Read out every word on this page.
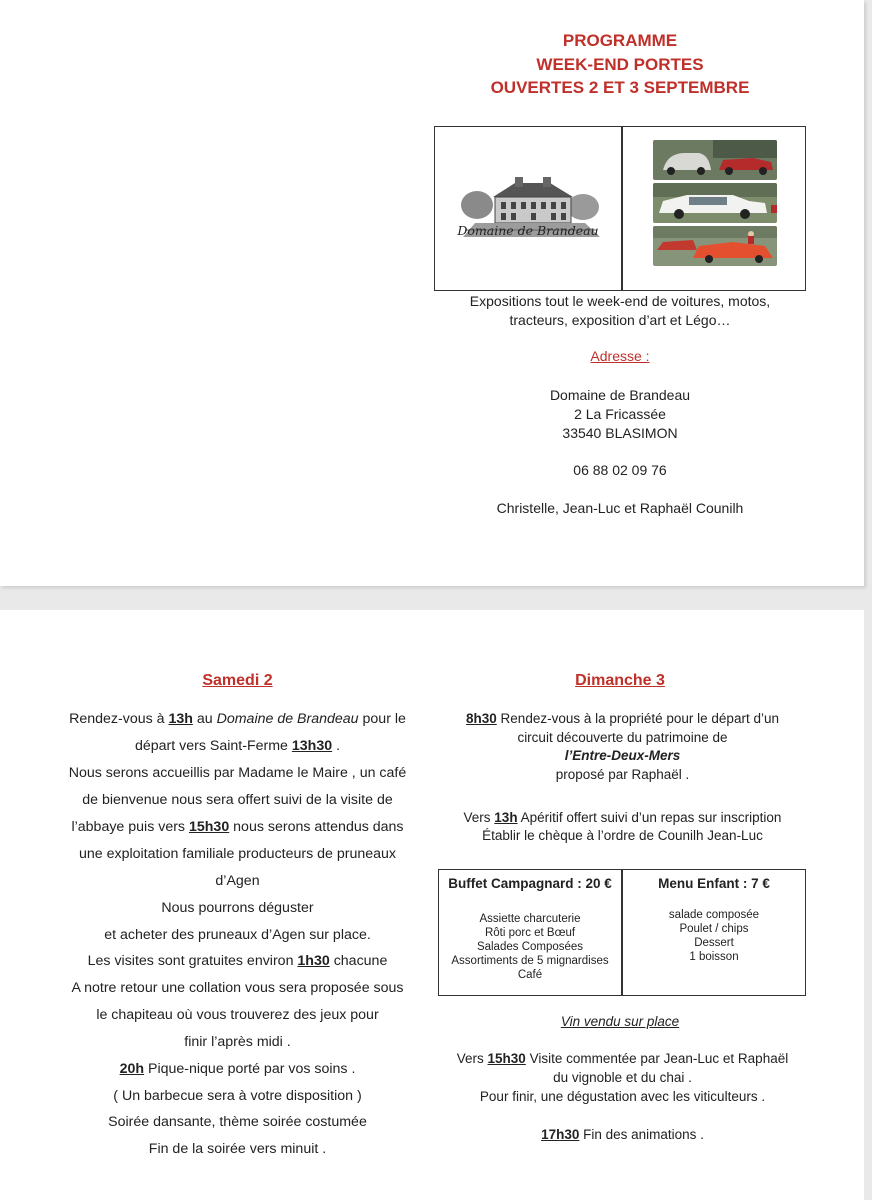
PROGRAMME
WEEK-END PORTES
OUVERTES 2 ET 3 SEPTEMBRE
Domaine de Brandeau
Expositions tout le week-end de voitures, motos,
tracteurs, exposition d’art et Légo…
Adresse :
Domaine de Brandeau
2 La Fricassée
33540 BLASIMON
06 88 02 09 76
Christelle, Jean-Luc et Raphaël Counilh
Samedi 2	Dimanche 3
Rendez-vous à 13h au Domaine de Brandeau pour le
départ vers Saint-Ferme 13h30 .
Nous serons accueillis par Madame le Maire , un café
de bienvenue nous sera offert suivi de la visite de
l’abbaye puis vers 15h30 nous serons attendus dans
une exploitation familiale producteurs de pruneaux
d’Agen
Nous pourrons déguster
et acheter des pruneaux d’Agen sur place.
Les visites sont gratuites environ 1h30 chacune
A notre retour une collation vous sera proposée sous
le chapiteau où vous trouverez des jeux pour
finir l’après midi .
20h Pique-nique porté par vos soins .
( Un barbecue sera à votre disposition )
Soirée dansante, thème soirée costumée
Fin de la soirée vers minuit .
8h30 Rendez-vous à la propriété pour le départ d’un
circuit découverte du patrimoine de
l’Entre-Deux-Mers
proposé par Raphaël .
Vers 13h Apéritif offert suivi d’un repas sur inscription
Établir le chèque à l’ordre de Counilh Jean-Luc
Buffet Campagnard : 20 €	Menu Enfant : 7 €
Assiette charcuterie
Rôti porc et Bœuf
Salades Composées
Assortiments de 5 mignardises
Café
salade composée
Poulet / chips
Dessert
1 boisson
Vin vendu sur place
Vers 15h30 Visite commentée par Jean-Luc et Raphaël
du vignoble et du chai .
Pour finir, une dégustation avec les viticulteurs .
17h30 Fin des animations .
